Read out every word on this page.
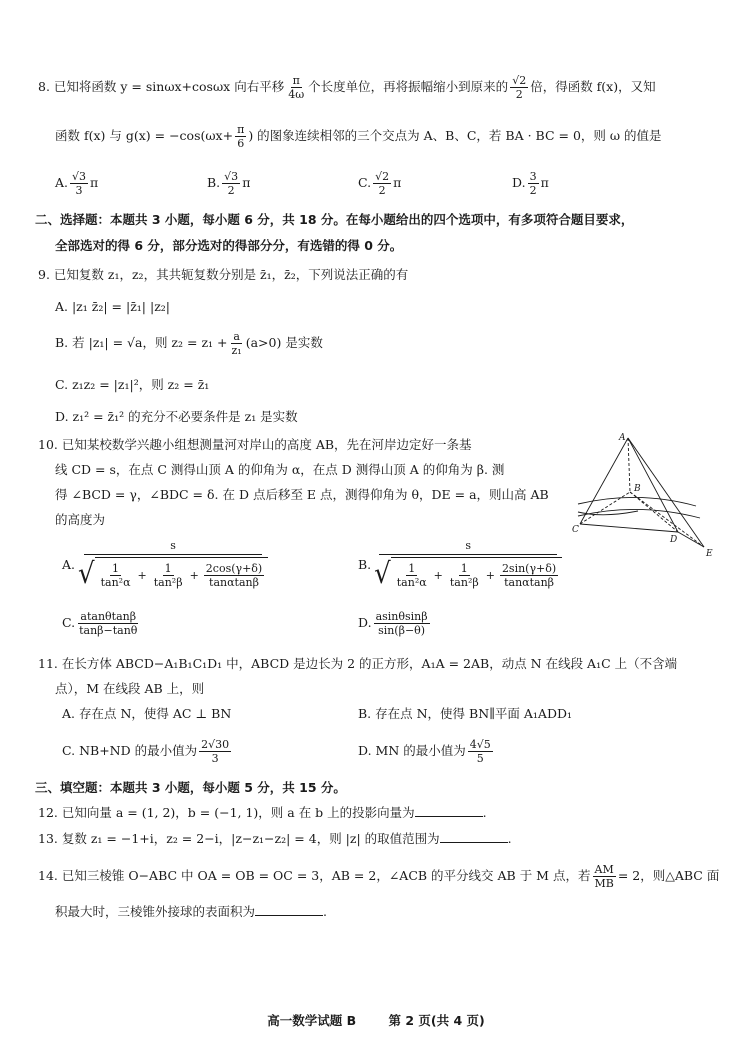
8. 已知将函数 y = sinωx+cosωx 向右平移 $\frac{\pi}{4\omega}$ 个长度单位，再将振幅缩小到原来的 $\frac{√2}{2}$ 倍，得函数 f(x)，又知
函数 f(x) 与 $g(x) = -\cos(\omega x+ \frac{\pi}{6}$ ) 的图象连续相邻的三个交点为 A、B、C，若 BA · BC = 0，则 ω 的值是
A. $\frac{√3}{3}$ π	B. $\frac{√3}{2}$ π	C. $\frac{√2}{2}$ π	D. $\frac{3}{2}$ π
二、选择题：本题共 3 小题，每小题 6 分，共 18 分。在每小题给出的四个选项中，有多项符合题目要求，
全部选对的得 6 分，部分选对的得部分分，有选错的得 0 分。
9. 已知复数 z₁，z₂，其共轭复数分别是 z̄₁，z̄₂，下列说法正确的有
A. |z₁ z̄₂| = |z̄₁| |z₂|
B. 若 |z₁| = √a，则 $z_2 = z_1 + \frac{a}{\text{z₁}} (a>0)$ 是实数
C. z₁z₂ = |z₁|²，则 z₂ = z̄₁
D. z₁² = z̄₁² 的充分不必要条件是 z₁ 是实数
10. 已知某校数学兴趣小组想测量河对岸山的高度 AB，先在河岸边定好一条基
线 CD = s，在点 C 测得山顶 A 的仰角为 α，在点 D 测得山顶 A 的仰角为 β. 测
得 ∠BCD = γ，∠BDC = δ. 在 D 点后移至 E 点，测得仰角为 θ，DE = a，则山高 AB
的高度为
A
B
C
D
E
A. $\frac{s}{√ \frac{1}{\text{tan²α}} + \frac{1}{\text{tan²β}} + \frac{2\cos(\gamma+\delta)}{\tan\alpha\tan\beta}}$	B. $\frac{s}{√ \frac{1}{\text{tan²α}} + \frac{1}{\text{tan²β}} + \frac{2\sin(\gamma+\delta)}{\tan\alpha\tan\beta}}$
C. $\frac{atan\theta\tan\beta}{\tan\beta-\tan\theta}$	D. $\frac{asin\theta\sin\beta}{\sin(\beta-\theta)}$
11. 在长方体 ABCD−A₁B₁C₁D₁ 中，ABCD 是边长为 2 的正方形，A₁A = 2AB，动点 N 在线段 A₁C 上（不含端
点），M 在线段 AB 上，则
A. 存在点 N，使得 AC ⊥ BN	B. 存在点 N，使得 BN∥平面 A₁ADD₁
C. NB+ND 的最小值为 $\frac{2√30}{3}$	D. MN 的最小值为 $\frac{4√5}{5}$
三、填空题：本题共 3 小题，每小题 5 分，共 15 分。
12. 已知向量 a = (1, 2)，b = (−1, 1)，则 a 在 b 上的投影向量为	.
13. 复数 z₁ = −1+i，z₂ = 2−i，|z−z₁−z₂| = 4，则 |z| 的取值范围为	.
14. 已知三棱锥 O−ABC 中 OA = OB = OC = 3，AB = 2，∠ACB 的平分线交 AB 于 M 点，若 $\frac{AM}{MB} = 2$，则△ABC 面
积最大时，三棱锥外接球的表面积为	.
高一数学试题 B	第 2 页(共 4 页)
